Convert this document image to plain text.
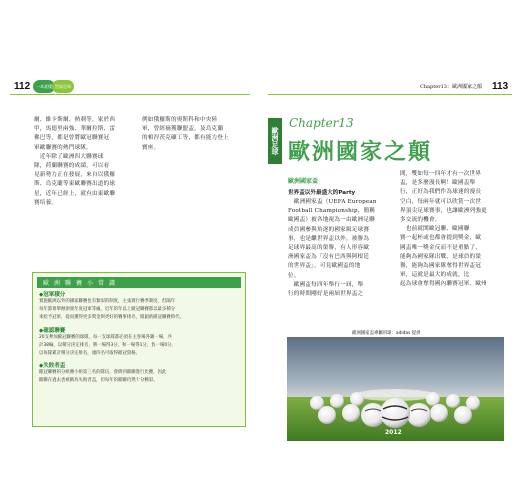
112	一本就懂 世界足球
爾、維卡斯爾、熱刺等，家於西
甲，馬德里兩強、華爾拉斯、雷
佛巴等，都是曾將歐冠聯賽冠
軍歐聯賽的熱門球隊。
　近年除了歐洲四大聯賽球
隊，荷蘭聯賽的成績，可以看
見新勢力正在發展，來自以俄羅
斯、烏克蘭等東歐聯賽出道的球
星，近年已經上，就有由東歐聯
賽培養。
例如俄羅斯的奧斯科和中央陸
軍，曾經摘獲聯盟盃，及烏克蘭
的頓涅茨克礦工等，都有能力登上
寶座。
歐洲聯賽小常識
◆冠軍積分
實施歐洲以外的國家聯賽也有類似的制度，主張實行賽季制度，但隔年
每年都會舉辦頒發年度冠軍等級，近年的年以上歐冠聯賽都以最多積分
來給予冠軍，從而獲得更多獎金與更好的賽事排名，開創新歐冠聯賽時代。
◆確認聯賽
20支參加歐冠聯賽的球隊，每一支球隊都必須在主客場各踢一場，共
計38輪，以積分決定排名，勝一場得3分，和一場得1分，負一場0分，
以每隊累計積分決定排名，頭四名可取得歐冠資格。
◆失敗者盃
歐冠聯賽的分組賽小組第三名的隊伍，會降到歐聯進行比賽，因此
歐聯在過去也被稱為失敗者盃，但每年的歐聯仍然十分精彩。
Chapter13：歐洲國家之顛 113
歐洲足球
Chapter13
歐洲國家之顛
歐洲國家盃
世界盃以外最盛大的Party
　歐洲國家盃（UEFA European
Football Championship，簡稱
歐國盃）被各地視為一由歐洲足聯
成員國參與角逐的國家級足球賽
事，也是繼世界盃以外，被譽為
足球界最高的榮譽，有人形容歐
洲國家盃為「沒有巴西與阿根廷
的世界盃」，可見歐國盃的地
位。
　歐國盃每四年舉行一屆，舉
行的時間剛好是兩屆世界盃之
間，雙如每一四年才有一次世界
盃，是多麼漫長啊！歐國盃舉
行，正好為我們作為球迷的漫長
空白，每兩年就可以欣賞一次世
界頂尖足球賽事，也讓歐洲列強更
多交流的機會。
　也前就開歐冠聯、歐國聯
賽一起杯或也都會提到獎金，歐
國盃唯一獎金反而不是重點了，
能夠為國家隊出戰，是球員的榮
譽，能夠為國家隊奪得世界盃冠
軍，這就是最大的成就，比
起為球會奪得國內聯賽冠軍、歐州
歐洲國家盃專屬用球：adidas 提供
2012
